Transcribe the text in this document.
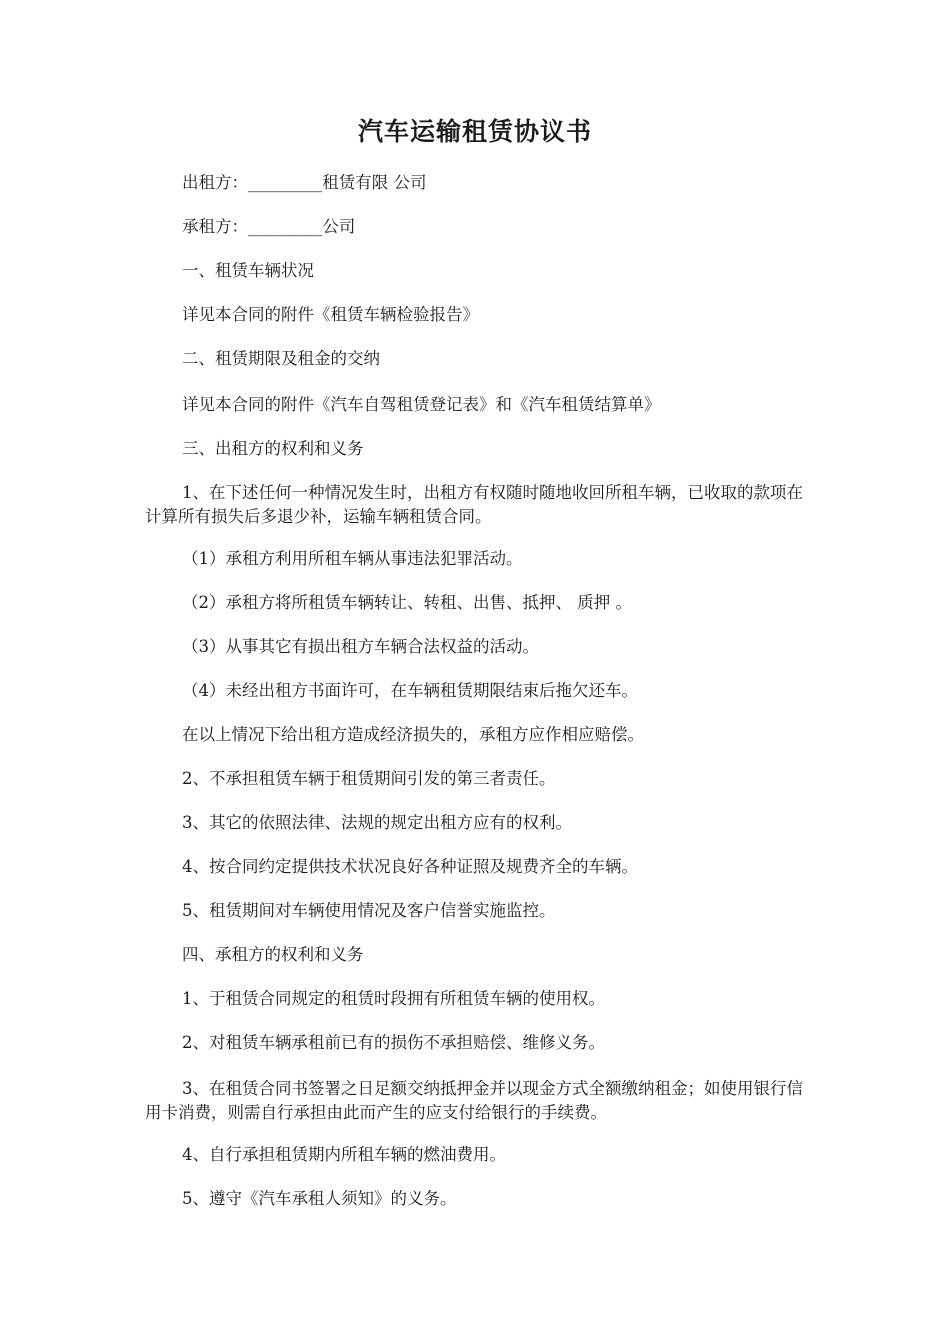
汽车运输租赁协议书
出租方：_________租赁有限 公司
承租方：_________公司
一、租赁车辆状况
详见本合同的附件《租赁车辆检验报告》
二、租赁期限及租金的交纳
详见本合同的附件《汽车自驾租赁登记表》和《汽车租赁结算单》
三、出租方的权利和义务
1、在下述任何一种情况发生时，出租方有权随时随地收回所租车辆，已收取的款项在计算所有损失后多退少补，运输车辆租赁合同。
（1）承租方利用所租车辆从事违法犯罪活动。
（2）承租方将所租赁车辆转让、转租、出售、抵押、 质押 。
（3）从事其它有损出租方车辆合法权益的活动。
（4）未经出租方书面许可，在车辆租赁期限结束后拖欠还车。
在以上情况下给出租方造成经济损失的，承租方应作相应赔偿。
2、不承担租赁车辆于租赁期间引发的第三者责任。
3、其它的依照法律、法规的规定出租方应有的权利。
4、按合同约定提供技术状况良好各种证照及规费齐全的车辆。
5、租赁期间对车辆使用情况及客户信誉实施监控。
四、承租方的权利和义务
1、于租赁合同规定的租赁时段拥有所租赁车辆的使用权。
2、对租赁车辆承租前已有的损伤不承担赔偿、维修义务。
3、在租赁合同书签署之日足额交纳抵押金并以现金方式全额缴纳租金；如使用银行信用卡消费，则需自行承担由此而产生的应支付给银行的手续费。
4、自行承担租赁期内所租车辆的燃油费用。
5、遵守《汽车承租人须知》的义务。
